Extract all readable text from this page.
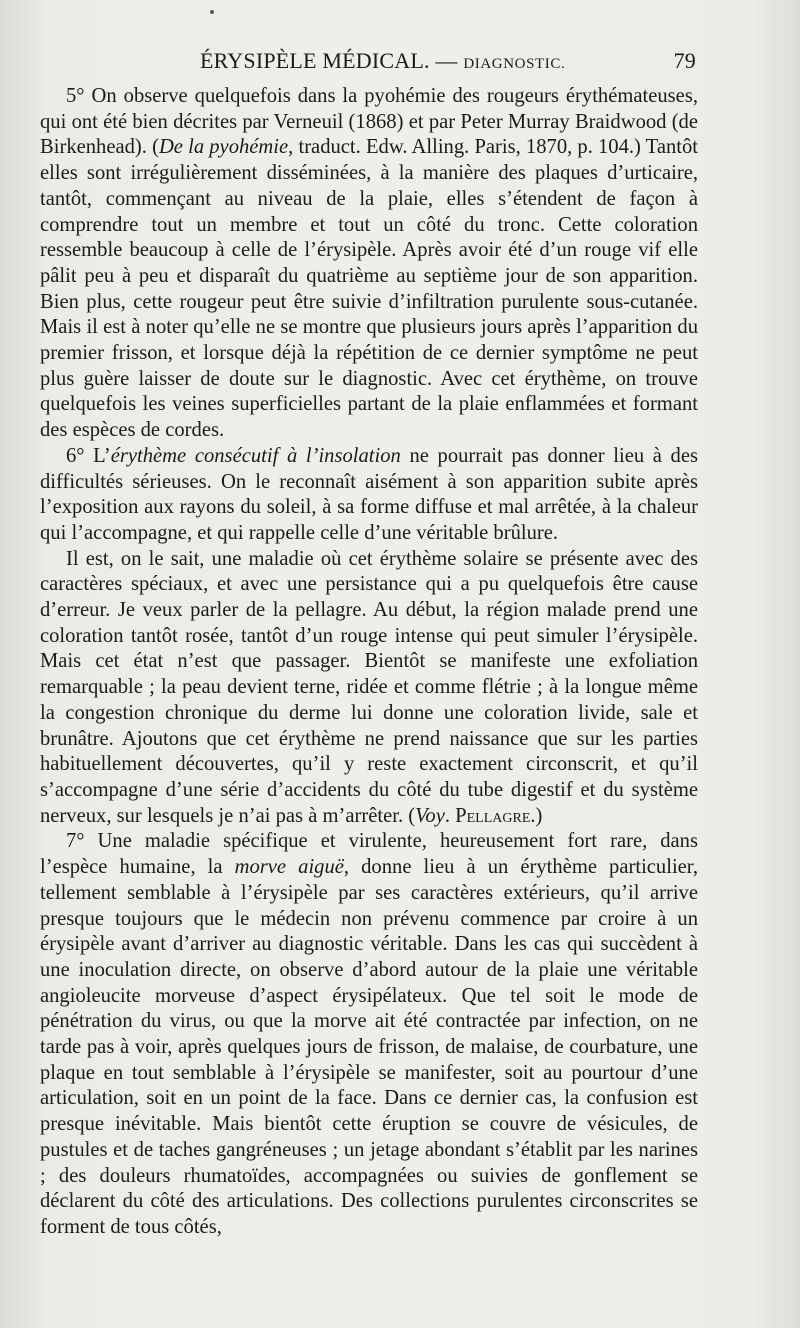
ÉRYSIPÈLE MÉDICAL. — DIAGNOSTIC.	79

5° On observe quelquefois dans la pyohémie des rougeurs érythémateuses, qui ont été bien décrites par Verneuil (1868) et par Peter Murray Braidwood (de Birkenhead). (De la pyohémie, traduct. Edw. Alling. Paris, 1870, p. 104.) Tantôt elles sont irrégulièrement disséminées, à la manière des plaques d’urticaire, tantôt, commençant au niveau de la plaie, elles s’étendent de façon à comprendre tout un membre et tout un côté du tronc. Cette coloration ressemble beaucoup à celle de l’érysipèle. Après avoir été d’un rouge vif elle pâlit peu à peu et disparaît du quatrième au septième jour de son apparition. Bien plus, cette rougeur peut être suivie d’infiltration purulente sous-cutanée. Mais il est à noter qu’elle ne se montre que plusieurs jours après l’apparition du premier frisson, et lorsque déjà la répétition de ce dernier symptôme ne peut plus guère laisser de doute sur le diagnostic. Avec cet érythème, on trouve quelquefois les veines superficielles partant de la plaie enflammées et formant des espèces de cordes.

6° L’érythème consécutif à l’insolation ne pourrait pas donner lieu à des difficultés sérieuses. On le reconnaît aisément à son apparition subite après l’exposition aux rayons du soleil, à sa forme diffuse et mal arrêtée, à la chaleur qui l’accompagne, et qui rappelle celle d’une véritable brûlure.

Il est, on le sait, une maladie où cet érythème solaire se présente avec des caractères spéciaux, et avec une persistance qui a pu quelquefois être cause d’erreur. Je veux parler de la pellagre. Au début, la région malade prend une coloration tantôt rosée, tantôt d’un rouge intense qui peut simuler l’érysipèle. Mais cet état n’est que passager. Bientôt se manifeste une exfoliation remarquable ; la peau devient terne, ridée et comme flétrie ; à la longue même la congestion chronique du derme lui donne une coloration livide, sale et brunâtre. Ajoutons que cet érythème ne prend naissance que sur les parties habituellement découvertes, qu’il y reste exactement circonscrit, et qu’il s’accompagne d’une série d’accidents du côté du tube digestif et du système nerveux, sur lesquels je n’ai pas à m’arrêter. (Voy. Pellagre.)

7° Une maladie spécifique et virulente, heureusement fort rare, dans l’espèce humaine, la morve aiguë, donne lieu à un érythème particulier, tellement semblable à l’érysipèle par ses caractères extérieurs, qu’il arrive presque toujours que le médecin non prévenu commence par croire à un érysipèle avant d’arriver au diagnostic véritable. Dans les cas qui succèdent à une inoculation directe, on observe d’abord autour de la plaie une véritable angioleucite morveuse d’aspect érysipélateux. Que tel soit le mode de pénétration du virus, ou que la morve ait été contractée par infection, on ne tarde pas à voir, après quelques jours de frisson, de malaise, de courbature, une plaque en tout semblable à l’érysipèle se manifester, soit au pourtour d’une articulation, soit en un point de la face. Dans ce dernier cas, la confusion est presque inévitable. Mais bientôt cette éruption se couvre de vésicules, de pustules et de taches gangréneuses ; un jetage abondant s’établit par les narines ; des douleurs rhumatoïdes, accompagnées ou suivies de gonflement se déclarent du côté des articulations. Des collections purulentes circonscrites se forment de tous côtés,
